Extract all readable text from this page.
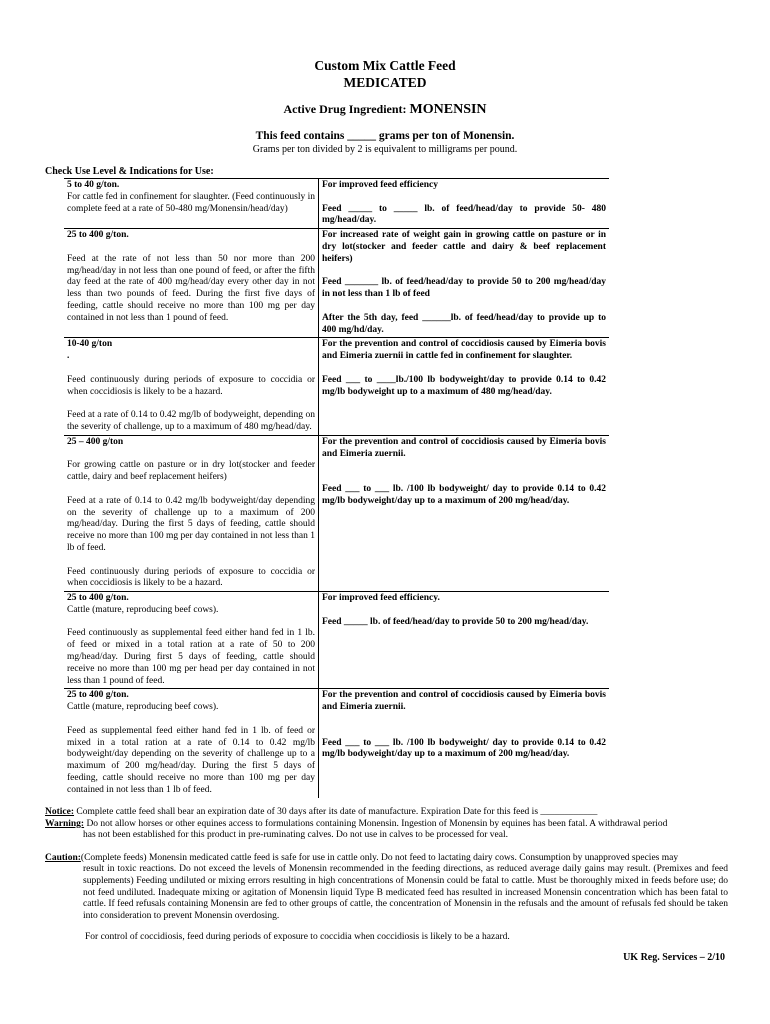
Custom Mix Cattle Feed
MEDICATED
Active Drug Ingredient: MONENSIN
This feed contains _____ grams per ton of Monensin.
Grams per ton divided by 2 is equivalent to milligrams per pound.
Check Use Level & Indications for Use:

5 to 40 g/ton.

For cattle fed in confinement for slaughter. (Feed continuously in complete feed at a rate of 50-480 mg/Monensin/head/day)

For improved feed efficiency

Feed _____ to _____ lb. of feed/head/day to provide 50- 480 mg/head/day.

25 to 400 g/ton.

Feed at the rate of not less than 50 nor more than 200 mg/head/day in not less than one pound of feed, or after the fifth day feed at the rate of 400 mg/head/day every other day in not less than two pounds of feed. During the first five days of feeding, cattle should receive no more than 100 mg per day contained in not less than 1 pound of feed.

For increased rate of weight gain in growing cattle on pasture or in dry lot(stocker and feeder cattle and dairy & beef replacement heifers)

Feed _______ lb. of feed/head/day to provide 50 to 200 mg/head/day in not less than 1 lb of feed

After the 5th day, feed ______lb. of feed/head/day to provide up to 400 mg/hd/day.

10-40 g/ton

.

Feed continuously during periods of exposure to coccidia or when coccidiosis is likely to be a hazard.

Feed at a rate of 0.14 to 0.42 mg/lb of bodyweight, depending on the severity of challenge, up to a maximum of 480 mg/head/day.

For the prevention and control of coccidiosis caused by Eimeria bovis and Eimeria zuernii in cattle fed in confinement for slaughter.

Feed ___ to ____lb./100 lb bodyweight/day to provide 0.14 to 0.42 mg/lb bodyweight up to a maximum of 480 mg/head/day.

25 – 400 g/ton

For growing cattle on pasture or in dry lot(stocker and feeder cattle, dairy and beef replacement heifers)

Feed at a rate of 0.14 to 0.42 mg/lb bodyweight/day depending on the severity of challenge up to a maximum of 200 mg/head/day. During the first 5 days of feeding, cattle should receive no more than 100 mg per day contained in not less than 1 lb of feed.

Feed continuously during periods of exposure to coccidia or when coccidiosis is likely to be a hazard.

For the prevention and control of coccidiosis caused by Eimeria bovis and Eimeria zuernii.

Feed ___ to ___ lb. /100 lb bodyweight/ day to provide 0.14 to 0.42 mg/lb bodyweight/day up to a maximum of 200 mg/head/day.

25 to 400 g/ton.

Cattle (mature, reproducing beef cows).

Feed continuously as supplemental feed either hand fed in 1 lb. of feed or mixed in a total ration at a rate of 50 to 200 mg/head/day. During first 5 days of feeding, cattle should receive no more than 100 mg per head per day contained in not less than 1 pound of feed.

For improved feed efficiency.

Feed _____ lb. of feed/head/day to provide 50 to 200 mg/head/day.

25 to 400 g/ton.

Cattle (mature, reproducing beef cows).

Feed as supplemental feed either hand fed in 1 lb. of feed or mixed in a total ration at a rate of 0.14 to 0.42 mg/lb bodyweight/day depending on the severity of challenge up to a maximum of 200 mg/head/day. During the first 5 days of feeding, cattle should receive no more than 100 mg per day contained in not less than 1 lb of feed.

For the prevention and control of coccidiosis caused by Eimeria bovis and Eimeria zuernii.

Feed ___ to ___ lb. /100 lb bodyweight/ day to provide 0.14 to 0.42 mg/lb bodyweight/day up to a maximum of 200 mg/head/day.

Notice: Complete cattle feed shall bear an expiration date of 30 days after its date of manufacture. Expiration Date for this feed is ____________

Warning: Do not allow horses or other equines access to formulations containing Monensin. Ingestion of Monensin by equines has been fatal. A withdrawal period

has not been established for this product in pre-ruminating calves. Do not use in calves to be processed for veal.

Caution:(Complete feeds) Monensin medicated cattle feed is safe for use in cattle only. Do not feed to lactating dairy cows. Consumption by unapproved species may

result in toxic reactions. Do not exceed the levels of Monensin recommended in the feeding directions, as reduced average daily gains may result. (Premixes and feed supplements) Feeding undiluted or mixing errors resulting in high concentrations of Monensin could be fatal to cattle. Must be thoroughly mixed in feeds before use; do not feed undiluted. Inadequate mixing or agitation of Monensin liquid Type B medicated feed has resulted in increased Monensin concentration which has been fatal to cattle. If feed refusals containing Monensin are fed to other groups of cattle, the concentration of Monensin in the refusals and the amount of refusals fed should be taken into consideration to prevent Monensin overdosing.

For control of coccidiosis, feed during periods of exposure to coccidia when coccidiosis is likely to be a hazard.

UK Reg. Services – 2/10
